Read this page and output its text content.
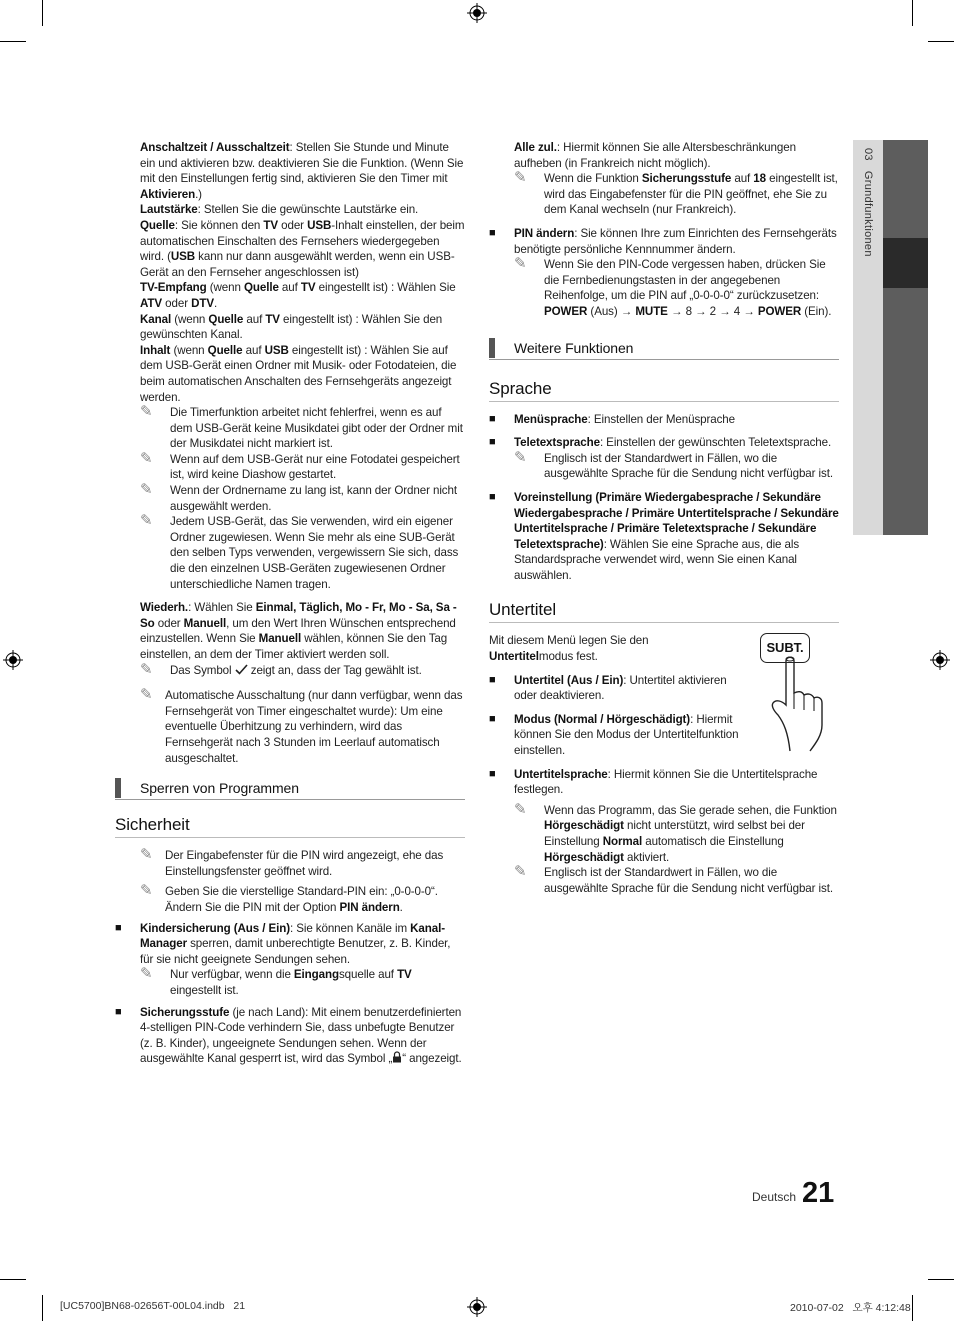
03   Grundfunktionen

Anschaltzeit / Ausschaltzeit: Stellen Sie Stunde und Minute ein und aktivieren bzw. deaktivieren Sie die Funktion. (Wenn Sie mit den Einstellungen fertig sind, aktivieren Sie den Timer mit Aktivieren.)

Lautstärke: Stellen Sie die gewünschte Lautstärke ein.

Quelle: Sie können den TV oder USB-Inhalt einstellen, der beim automatischen Einschalten des Fernsehers wiedergegeben wird. (USB kann nur dann ausgewählt werden, wenn ein USB-Gerät an den Fernseher angeschlossen ist)

TV-Empfang (wenn Quelle auf TV eingestellt ist) : Wählen Sie ATV oder DTV.

Kanal (wenn Quelle auf TV eingestellt ist) : Wählen Sie den gewünschten Kanal.

Inhalt (wenn Quelle auf USB eingestellt ist) : Wählen Sie auf dem USB-Gerät einen Ordner mit Musik- oder Fotodateien, die beim automatischen Anschalten des Fernsehgeräts angezeigt werden.

✎ Die Timerfunktion arbeitet nicht fehlerfrei, wenn es auf dem USB-Gerät keine Musikdatei gibt oder der Ordner mit der Musikdatei nicht markiert ist.

✎ Wenn auf dem USB-Gerät nur eine Fotodatei gespeichert ist, wird keine Diashow gestartet.

✎ Wenn der Ordnername zu lang ist, kann der Ordner nicht ausgewählt werden.

✎ Jedem USB-Gerät, das Sie verwenden, wird ein eigener Ordner zugewiesen. Wenn Sie mehr als eine SUB-Gerät den selben Typs verwenden, vergewissern Sie sich, dass die den einzelnen USB-Geräten zugewiesenen Ordner unterschiedliche Namen tragen.

Wiederh.: Wählen Sie Einmal, Täglich, Mo - Fr, Mo - Sa, Sa - So oder Manuell, um den Wert Ihren Wünschen entsprechend einzustellen. Wenn Sie Manuell wählen, können Sie den Tag einstellen, an dem der Timer aktiviert werden soll.

✎ Das Symbol  zeigt an, dass der Tag gewählt ist.

✎ Automatische Ausschaltung (nur dann verfügbar, wenn das Fernsehgerät von Timer eingeschaltet wurde): Um eine eventuelle Überhitzung zu verhindern, wird das Fernsehgerät nach 3 Stunden im Leerlauf automatisch ausgeschaltet.

Sperren von Programmen
Sicherheit

✎ Der Eingabefenster für die PIN wird angezeigt, ehe das Einstellungsfenster geöffnet wird.

✎ Geben Sie die vierstellige Standard-PIN ein: „0-0-0-0“. Ändern Sie die PIN mit der Option PIN ändern.

■ Kindersicherung (Aus / Ein): Sie können Kanäle im Kanal-Manager sperren, damit unberechtigte Benutzer, z. B. Kinder, für sie nicht geeignete Sendungen sehen.

✎ Nur verfügbar, wenn die Eingangsquelle auf TV eingestellt ist.

■ Sicherungsstufe (je nach Land): Mit einem benutzerdefinierten 4-stelligen PIN-Code verhindern Sie, dass unbefugte Benutzer (z. B. Kinder), ungeeignete Sendungen sehen. Wenn der ausgewählte Kanal gesperrt ist, wird das Symbol „ “ angezeigt.

Alle zul.: Hiermit können Sie alle Altersbeschränkungen aufheben (in Frankreich nicht möglich).

✎ Wenn die Funktion Sicherungsstufe auf 18 eingestellt ist, wird das Eingabefenster für die PIN geöffnet, ehe Sie zu dem Kanal wechseln (nur Frankreich).

■ PIN ändern: Sie können Ihre zum Einrichten des Fernsehgeräts benötigte persönliche Kennnummer ändern.

✎ Wenn Sie den PIN-Code vergessen haben, drücken Sie die Fernbedienungstasten in der angegebenen Reihenfolge, um die PIN auf „0-0-0-0“ zurückzusetzen:
POWER (Aus) → MUTE → 8 → 2 → 4 → POWER (Ein).

Weitere Funktionen
Sprache
■ Menüsprache: Einstellen der Menüsprache
■ Teletextsprache: Einstellen der gewünschten Teletextsprache.

✎ Englisch ist der Standardwert in Fällen, wo die ausgewählte Sprache für die Sendung nicht verfügbar ist.

■ Voreinstellung (Primäre Wiedergabesprache / Sekundäre Wiedergabesprache / Primäre Untertitelsprache / Sekundäre Untertitelsprache / Primäre Teletextsprache / Sekundäre Teletextsprache): Wählen Sie eine Sprache aus, die als Standardsprache verwendet wird, wenn Sie einen Kanal auswählen.
Untertitel
SUBT.

Mit diesem Menü legen Sie den Untertitelmodus fest.

■ Untertitel (Aus / Ein): Untertitel aktivieren oder deaktivieren.
■ Modus (Normal / Hörgeschädigt): Hiermit können Sie den Modus der Untertitelfunktion einstellen.
■ Untertitelsprache: Hiermit können Sie die Untertitelsprache festlegen.

✎ Wenn das Programm, das Sie gerade sehen, die Funktion Hörgeschädigt nicht unterstützt, wird selbst bei der Einstellung Normal automatisch die Einstellung Hörgeschädigt aktiviert.

✎ Englisch ist der Standardwert in Fällen, wo die ausgewählte Sprache für die Sendung nicht verfügbar ist.

Deutsch 21
[UC5700]BN68-02656T-00L04.indb   21	2010-07-02   오후 4:12:48
